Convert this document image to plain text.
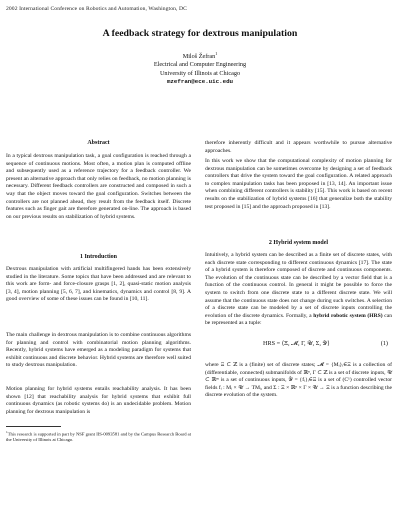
2002 International Conference on Robotics and Automation, Washington, DC
A feedback strategy for dextrous manipulation
Miloš Žefran$^1$
Electrical and Computer Engineering
University of Illinois at Chicago
mzefran@ece.uic.edu
Abstract
In a typical dextrous manipulation task, a goal configuration is reached through a sequence of continuous motions. Most often, a motion plan is computed offline and subsequently used as a reference trajectory for a feedback controller. We present an alternative approach that only relies on feedback, no motion planning is necessary. Different feedback controllers are constructed and composed in such a way that the object moves toward the goal configuration. Switches between the controllers are not planned ahead, they result from the feedback itself. Discrete features such as finger gait are therefore generated on-line. The approach is based on our previous results on stabilization of hybrid systems.
1 Introduction
Dextrous manipulation with artificial multifingered hands has been extensively studied in the literature. Some topics that have been addressed and are relevant to this work are form- and force-closure grasps [1, 2], quasi-static motion analysis [3, 4], motion planning [5, 6, 7], and kinematics, dynamics and control [8, 9]. A good overview of some of these issues can be found in [10, 11].
The main challenge in dextrous manipulation is to combine continuous algorithms for planning and control with combinatorial motion planning algorithms. Recently, hybrid systems have emerged as a modeling paradigm for systems that exhibit continuous and discrete behavior. Hybrid systems are therefore well suited to study dextrous manipulation.
Motion planning for hybrid systems entails reachability analysis. It has been shown [12] that reachability analysis for hybrid systems that exhibit full continuous dynamics (as robotic systems do) is an undecidable problem. Motion planning for dextrous manipulation is
$^1$This research is supported in part by NSF grant IIS-0093581 and by the Campus Research Board at the University of Illinois at Chicago.
therefore inherently difficult and it appears worthwhile to pursue alternative approaches.
In this work we show that the computational complexity of motion planning for dextrous manipulation can be sometimes overcome by designing a set of feedback controllers that drive the system toward the goal configuration. A related approach to complex manipulation tasks has been proposed in [13, 14]. An important issue when combining different controllers is stability [15]. This work is based on recent results on the stabilization of hybrid systems [16] that generalize both the stability test proposed in [15] and the approach proposed in [13].
2 Hybrid system model
Intuitively, a hybrid system can be described as a finite set of discrete states, with each discrete state corresponding to different continuous dynamics [17]. The state of a hybrid system is therefore composed of discrete and continuous components. The evolution of the continuous state can be described by a vector field that is a function of the continuous control. In general it might be possible to force the system to switch from one discrete state to a different discrete state. We will assume that the continuous state does not change during such switches. A selection of a discrete state can be modeled by a set of discrete inputs controlling the evolution of the discrete dynamics. Formally, a hybrid robotic system (HRS) can be represented as a tuple:
HRS = ⟨Ξ, 𝓜, Γ, 𝒰, Σ, 𝒴⟩	(1)
where Ξ ⊂ ℤ is a (finite) set of discrete states; 𝓜 = {Mᵢ}ᵢ∈Ξ is a collection of (differentiable, connected) submanifolds of ℝⁿ, Γ ⊂ ℤ is a set of discrete inputs, 𝒰 ⊂ ℝᵐ is a set of continuous inputs, 𝒴 = {fᵢ}ᵢ∈Ξ is a set of (C¹) controlled vector fields fᵢ : Mᵢ × 𝒰 → TMᵢ, and Σ : Ξ × ℝⁿ × Γ × 𝒰 → Ξ is a function describing the discrete evolution of the system.
